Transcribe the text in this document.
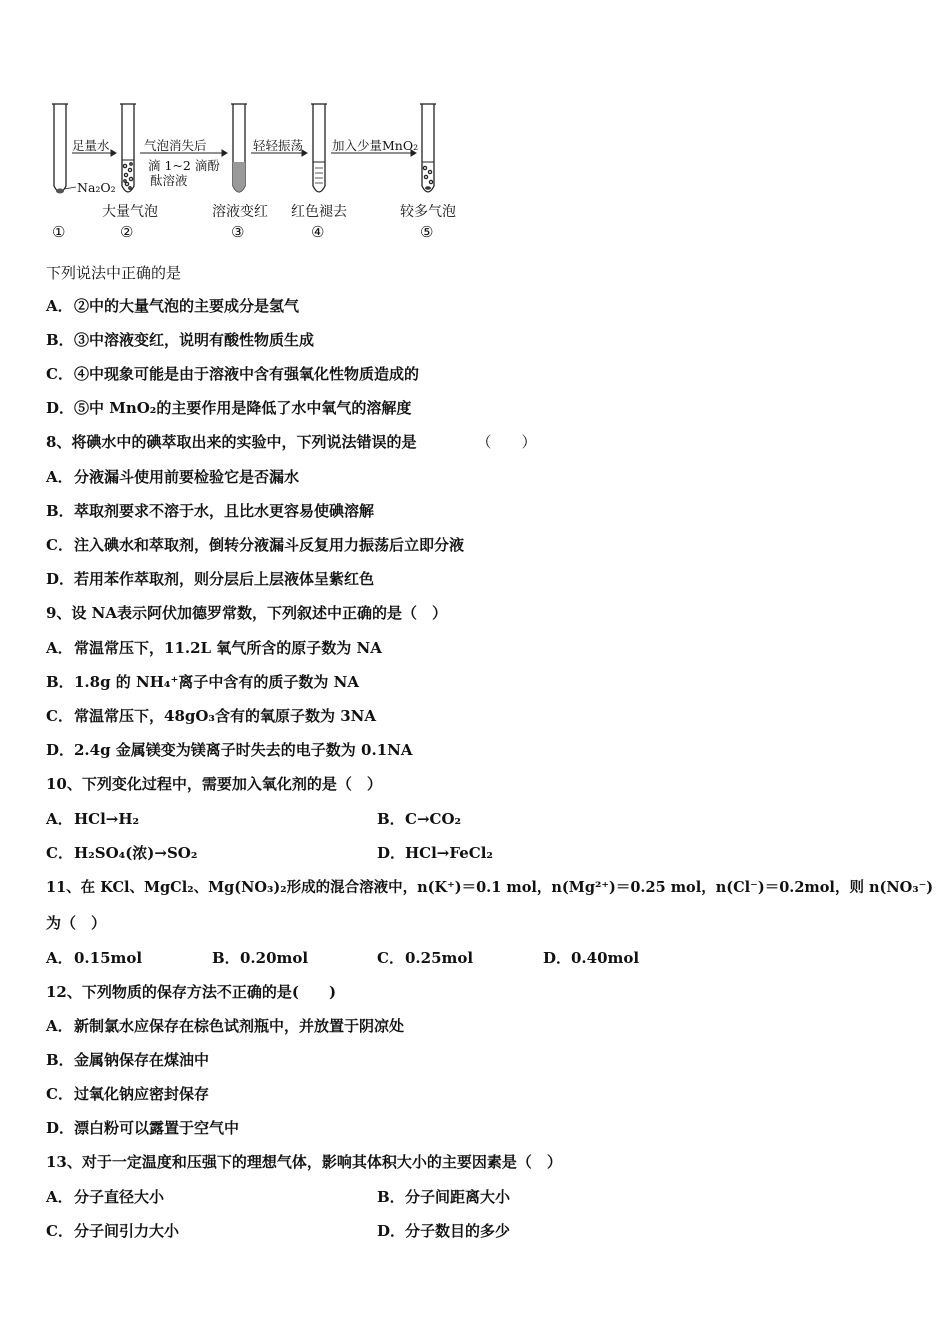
足量水	气泡消失后
滴 1~2 滴酚
酞溶液
轻轻振荡 加入少量MnO₂
Na₂O₂
大量气泡	溶液变红 红色褪去	较多气泡
①	②	③	④	⑤
下列说法中正确的是
A．②中的大量气泡的主要成分是氢气
B．③中溶液变红，说明有酸性物质生成
C．④中现象可能是由于溶液中含有强氧化性物质造成的
D．⑤中 MnO₂的主要作用是降低了水中氧气的溶解度
8、将碘水中的碘萃取出来的实验中，下列说法错误的是	（　　）
A．分液漏斗使用前要检验它是否漏水
B．萃取剂要求不溶于水，且比水更容易使碘溶解
C．注入碘水和萃取剂，倒转分液漏斗反复用力振荡后立即分液
D．若用苯作萃取剂，则分层后上层液体呈紫红色
9、设 NA表示阿伏加德罗常数，下列叙述中正确的是（　）
A．常温常压下，11.2L 氧气所含的原子数为 NA
B．1.8g 的 NH₄⁺离子中含有的质子数为 NA
C．常温常压下，48gO₃含有的氧原子数为 3NA
D．2.4g 金属镁变为镁离子时失去的电子数为 0.1NA
10、下列变化过程中，需要加入氧化剂的是（　）
A．HCl→H₂	B．C→CO₂
C．H₂SO₄(浓)→SO₂	D．HCl→FeCl₂
11、在 KCl、MgCl₂、Mg(NO₃)₂形成的混合溶液中，n(K⁺)＝0.1 mol，n(Mg²⁺)＝0.25 mol，n(Cl⁻)＝0.2mol，则 n(NO₃⁻)
为（　）
A．0.15mol	B．0.20mol	C．0.25mol	D．0.40mol
12、下列物质的保存方法不正确的是(　　)
A．新制氯水应保存在棕色试剂瓶中，并放置于阴凉处
B．金属钠保存在煤油中
C．过氧化钠应密封保存
D．漂白粉可以露置于空气中
13、对于一定温度和压强下的理想气体，影响其体积大小的主要因素是（　）
A．分子直径大小	B．分子间距离大小
C．分子间引力大小	D．分子数目的多少
